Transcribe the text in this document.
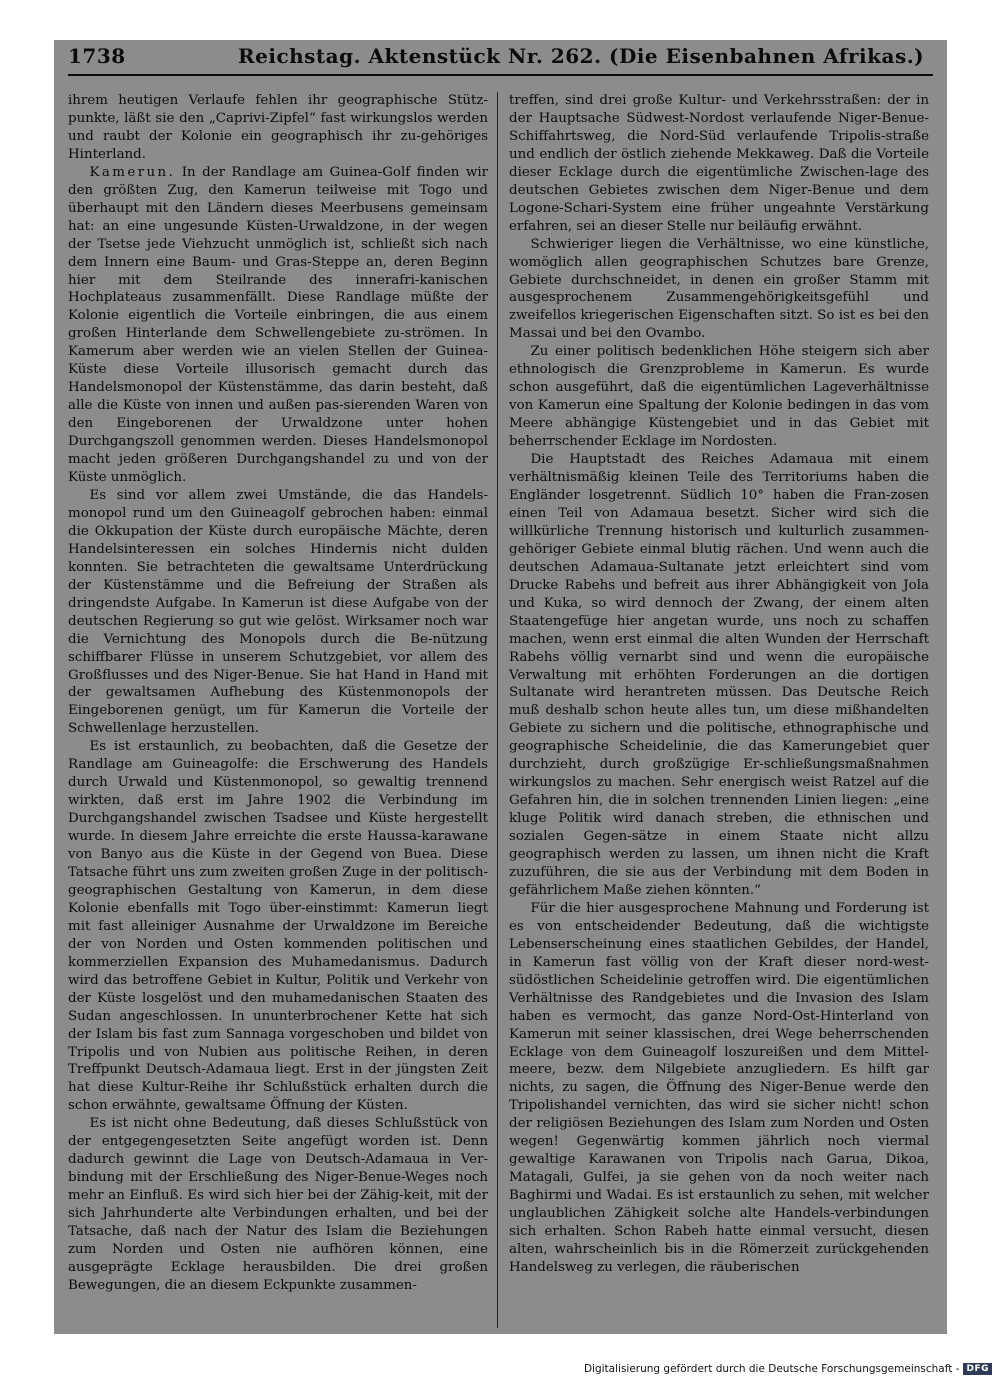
1738	Reichstag. Aktenstück Nr. 262. (Die Eisenbahnen Afrikas.)

ihrem heutigen Verlaufe fehlen ihr geographische Stütz-punkte, läßt sie den „Caprivi-Zipfel“ fast wirkungslos werden und raubt der Kolonie ein geographisch ihr zu-gehöriges Hinterland.

Kamerun. In der Randlage am Guinea-Golf finden wir den größten Zug, den Kamerun teilweise mit Togo und überhaupt mit den Ländern dieses Meerbusens gemeinsam hat: an eine ungesunde Küsten-Urwaldzone, in der wegen der Tsetse jede Viehzucht unmöglich ist, schließt sich nach dem Innern eine Baum- und Gras-Steppe an, deren Beginn hier mit dem Steilrande des innerafri-kanischen Hochplateaus zusammenfällt. Diese Randlage müßte der Kolonie eigentlich die Vorteile einbringen, die aus einem großen Hinterlande dem Schwellengebiete zu-strömen. In Kamerum aber werden wie an vielen Stellen der Guinea-Küste diese Vorteile illusorisch gemacht durch das Handelsmonopol der Küstenstämme, das darin besteht, daß alle die Küste von innen und außen pas-sierenden Waren von den Eingeborenen der Urwaldzone unter hohen Durchgangszoll genommen werden. Dieses Handelsmonopol macht jeden größeren Durchgangshandel zu und von der Küste unmöglich.

Es sind vor allem zwei Umstände, die das Handels-monopol rund um den Guineagolf gebrochen haben: einmal die Okkupation der Küste durch europäische Mächte, deren Handelsinteressen ein solches Hindernis nicht dulden konnten. Sie betrachteten die gewaltsame Unterdrückung der Küstenstämme und die Befreiung der Straßen als dringendste Aufgabe. In Kamerun ist diese Aufgabe von der deutschen Regierung so gut wie gelöst. Wirksamer noch war die Vernichtung des Monopols durch die Be-nützung schiffbarer Flüsse in unserem Schutzgebiet, vor allem des Großflusses und des Niger-Benue. Sie hat Hand in Hand mit der gewaltsamen Aufhebung des Küstenmonopols der Eingeborenen genügt, um für Kamerun die Vorteile der Schwellenlage herzustellen.

Es ist erstaunlich, zu beobachten, daß die Gesetze der Randlage am Guineagolfe: die Erschwerung des Handels durch Urwald und Küstenmonopol, so gewaltig trennend wirkten, daß erst im Jahre 1902 die Verbindung im Durchgangshandel zwischen Tsadsee und Küste hergestellt wurde. In diesem Jahre erreichte die erste Haussa-karawane von Banyo aus die Küste in der Gegend von Buea. Diese Tatsache führt uns zum zweiten großen Zuge in der politisch-geographischen Gestaltung von Kamerun, in dem diese Kolonie ebenfalls mit Togo über-einstimmt: Kamerun liegt mit fast alleiniger Ausnahme der Urwaldzone im Bereiche der von Norden und Osten kommenden politischen und kommerziellen Expansion des Muhamedanismus. Dadurch wird das betroffene Gebiet in Kultur, Politik und Verkehr von der Küste losgelöst und den muhamedanischen Staaten des Sudan angeschlossen. In ununterbrochener Kette hat sich der Islam bis fast zum Sannaga vorgeschoben und bildet von Tripolis und von Nubien aus politische Reihen, in deren Treffpunkt Deutsch-Adamaua liegt. Erst in der jüngsten Zeit hat diese Kultur-Reihe ihr Schlußstück erhalten durch die schon erwähnte, gewaltsame Öffnung der Küsten.

Es ist nicht ohne Bedeutung, daß dieses Schlußstück von der entgegengesetzten Seite angefügt worden ist. Denn dadurch gewinnt die Lage von Deutsch-Adamaua in Ver-bindung mit der Erschließung des Niger-Benue-Weges noch mehr an Einfluß. Es wird sich hier bei der Zähig-keit, mit der sich Jahrhunderte alte Verbindungen erhalten, und bei der Tatsache, daß nach der Natur des Islam die Beziehungen zum Norden und Osten nie aufhören können, eine ausgeprägte Ecklage herausbilden. Die drei großen Bewegungen, die an diesem Eckpunkte zusammen-

treffen, sind drei große Kultur- und Verkehrsstraßen: der in der Hauptsache Südwest-Nordost verlaufende Niger-Benue-Schiffahrtsweg, die Nord-Süd verlaufende Tripolis-straße und endlich der östlich ziehende Mekkaweg. Daß die Vorteile dieser Ecklage durch die eigentümliche Zwischen-lage des deutschen Gebietes zwischen dem Niger-Benue und dem Logone-Schari-System eine früher ungeahnte Verstärkung erfahren, sei an dieser Stelle nur beiläufig erwähnt.

Schwieriger liegen die Verhältnisse, wo eine künstliche, womöglich allen geographischen Schutzes bare Grenze, Gebiete durchschneidet, in denen ein großer Stamm mit ausgesprochenem Zusammengehörigkeitsgefühl und zweifellos kriegerischen Eigenschaften sitzt. So ist es bei den Massai und bei den Ovambo.

Zu einer politisch bedenklichen Höhe steigern sich aber ethnologisch die Grenzprobleme in Kamerun. Es wurde schon ausgeführt, daß die eigentümlichen Lageverhältnisse von Kamerun eine Spaltung der Kolonie bedingen in das vom Meere abhängige Küstengebiet und in das Gebiet mit beherrschender Ecklage im Nordosten.

Die Hauptstadt des Reiches Adamaua mit einem verhältnismäßig kleinen Teile des Territoriums haben die Engländer losgetrennt. Südlich 10° haben die Fran-zosen einen Teil von Adamaua besetzt. Sicher wird sich die willkürliche Trennung historisch und kulturlich zusammen-gehöriger Gebiete einmal blutig rächen. Und wenn auch die deutschen Adamaua-Sultanate jetzt erleichtert sind vom Drucke Rabehs und befreit aus ihrer Abhängigkeit von Jola und Kuka, so wird dennoch der Zwang, der einem alten Staatengefüge hier angetan wurde, uns noch zu schaffen machen, wenn erst einmal die alten Wunden der Herrschaft Rabehs völlig vernarbt sind und wenn die europäische Verwaltung mit erhöhten Forderungen an die dortigen Sultanate wird herantreten müssen. Das Deutsche Reich muß deshalb schon heute alles tun, um diese mißhandelten Gebiete zu sichern und die politische, ethnographische und geographische Scheidelinie, die das Kamerungebiet quer durchzieht, durch großzügige Er-schließungsmaßnahmen wirkungslos zu machen. Sehr energisch weist Ratzel auf die Gefahren hin, die in solchen trennenden Linien liegen: „eine kluge Politik wird danach streben, die ethnischen und sozialen Gegen-sätze in einem Staate nicht allzu geographisch werden zu lassen, um ihnen nicht die Kraft zuzuführen, die sie aus der Verbindung mit dem Boden in gefährlichem Maße ziehen könnten.“

Für die hier ausgesprochene Mahnung und Forderung ist es von entscheidender Bedeutung, daß die wichtigste Lebenserscheinung eines staatlichen Gebildes, der Handel, in Kamerun fast völlig von der Kraft dieser nord-west-südöstlichen Scheidelinie getroffen wird. Die eigentümlichen Verhältnisse des Randgebietes und die Invasion des Islam haben es vermocht, das ganze Nord-Ost-Hinterland von Kamerun mit seiner klassischen, drei Wege beherrschenden Ecklage von dem Guineagolf loszureißen und dem Mittel-meere, bezw. dem Nilgebiete anzugliedern. Es hilft gar nichts, zu sagen, die Öffnung des Niger-Benue werde den Tripolishandel vernichten, das wird sie sicher nicht! schon der religiösen Beziehungen des Islam zum Norden und Osten wegen! Gegenwärtig kommen jährlich noch viermal gewaltige Karawanen von Tripolis nach Garua, Dikoa, Matagali, Gulfei, ja sie gehen von da noch weiter nach Baghirmi und Wadai. Es ist erstaunlich zu sehen, mit welcher unglaublichen Zähigkeit solche alte Handels-verbindungen sich erhalten. Schon Rabeh hatte einmal versucht, diesen alten, wahrscheinlich bis in die Römerzeit zurückgehenden Handelsweg zu verlegen, die räuberischen

Digitalisierung gefördert durch die Deutsche Forschungsgemeinschaft - DFG
